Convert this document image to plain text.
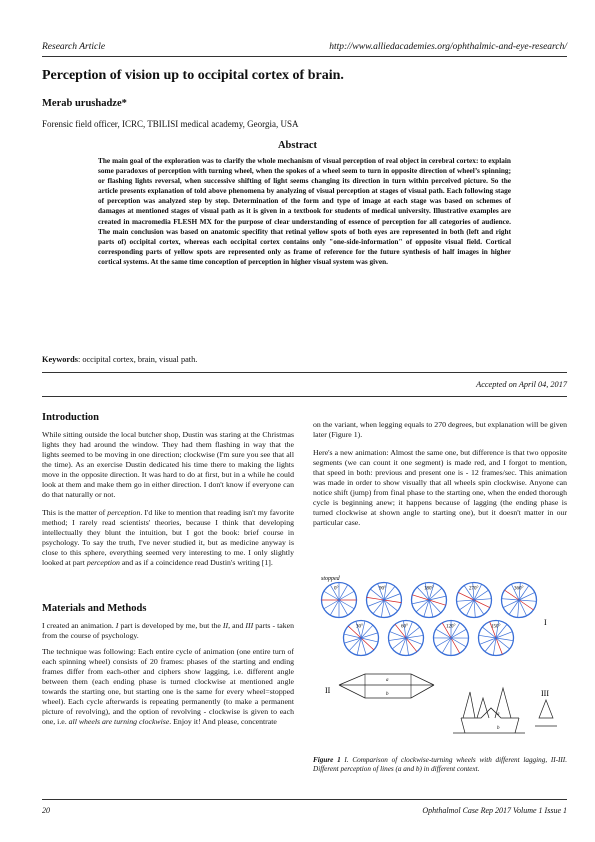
Research Article	http://www.alliedacademies.org/ophthalmic-and-eye-research/
Perception of vision up to occipital cortex of brain.
Merab urushadze*
Forensic field officer, ICRC, TBILISI medical academy, Georgia, USA
Abstract
The main goal of the exploration was to clarify the whole mechanism of visual perception of real object in cerebral cortex: to explain some paradoxes of perception with turning wheel, when the spokes of a wheel seem to turn in opposite direction of wheel’s spinning; or flashing lights reversal, when successive shifting of light seems changing its direction in turn within perceived picture. So the article presents explanation of told above phenomena by analyzing of visual perception at stages of visual path. Each following stage of perception was analyzed step by step. Determination of the form and type of image at each stage was based on schemes of damages at mentioned stages of visual path as it is given in a textbook for students of medical university. Illustrative examples are created in macromedia FLESH MX for the purpose of clear understanding of essence of perception for all categories of audience. The main conclusion was based on anatomic specifity that retinal yellow spots of both eyes are represented in both (left and right parts of) occipital cortex, whereas each occipital cortex contains only "one-side-information" of opposite visual field. Cortical corresponding parts of yellow spots are represented only as frame of reference for the future synthesis of half images in higher cortical systems. At the same time conception of perception in higher visual system was given.
Keywords: occipital cortex, brain, visual path.
Accepted on April 04, 2017
Introduction
While sitting outside the local butcher shop, Dustin was staring at the Christmas lights they had around the window. They had them flashing in way that the lights seemed to be moving in one direction; clockwise (I'm sure you see that all the time). As an exercise Dustin dedicated his time there to making the lights move in the opposite direction. It was hard to do at first, but in a while he could look at them and make them go in either direction. I don't know if everyone can do that naturally or not.
This is the matter of perception. I'd like to mention that reading isn't my favorite method; I rarely read scientists' theories, because I think that developing intellectually they blunt the intuition, but I got the book: brief course in psychology. To say the truth, I've never studied it, but as medicine anyway is close to this sphere, everything seemed very interesting to me. I only slightly looked at part perception and as if a coincidence read Dustin's writing [1].
Materials and Methods
I created an animation. I part is developed by me, but the II, and III parts - taken from the course of psychology.
The technique was following: Each entire cycle of animation (one entire turn of each spinning wheel) consists of 20 frames: phases of the starting and ending frames differ from each-other and ciphers show lagging, i.e. different angle between them (each ending phase is turned clockwise at mentioned angle towards the starting one, but starting one is the same for every wheel=stopped wheel). Each cycle afterwards is repeating permanently (to make a permanent picture of revolving), and the option of revolving - clockwise is given to each one, i.e. all wheels are turning clockwise. Enjoy it! And please, concentrate
on the variant, when legging equals to 270 degrees, but explanation will be given later (Figure 1).
Here's a new animation: Almost the same one, but difference is that two opposite segments (we can count it one segment) is made red, and I forgot to mention, that speed in both: previous and present one is - 12 frames/sec. This animation was made in order to show visually that all wheels spin clockwise. Anyone can notice shift (jump) from final phase to the starting one, when the ended thorough cycle is beginning anew; it happens because of lagging (the ending phase is turned clockwise at shown angle to starting one), but it doesn't matter in our particular case.
0°	90°	180°	270°	360°
30°	60°	120°	150°
stopped
I
a
b
II
a
b
III
Figure 1 I. Comparison of clockwise-turning wheels with different lagging, II-III. Different perception of lines (a and b) in different context.
20	Ophthalmol Case Rep 2017 Volume 1 Issue 1
